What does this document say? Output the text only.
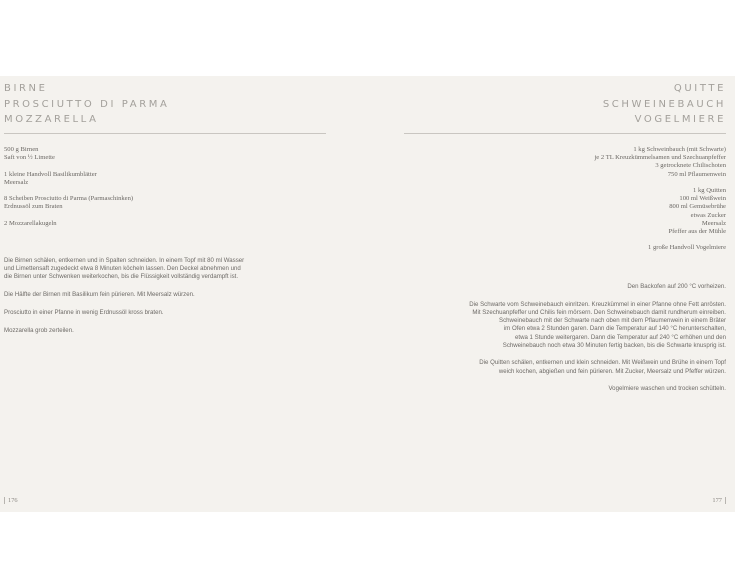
BIRNE
PROSCIUTTO DI PARMA
MOZZARELLA
500 g Birnen
Saft von ½ Limette
1 kleine Handvoll Basilikumblätter
Meersalz
8 Scheiben Prosciutto di Parma (Parmaschinken)
Erdnussöl zum Braten
2 Mozzarellakugeln
Die Birnen schälen, entkernen und in Spalten schneiden. In einem Topf mit 80 ml Wasser
und Limettensaft zugedeckt etwa 8 Minuten köcheln lassen. Den Deckel abnehmen und
die Birnen unter Schwenken weiterkochen, bis die Flüssigkeit vollständig verdampft ist.
Die Hälfte der Birnen mit Basilikum fein pürieren. Mit Meersalz würzen.
Prosciutto in einer Pfanne in wenig Erdnussöl kross braten.
Mozzarella grob zerteilen.
176
QUITTE
SCHWEINEBAUCH
VOGELMIERE
1 kg Schweinbauch (mit Schwarte)
je 2 TL Kreuzkümmelsamen und Szechuanpfeffer
3 getrocknete Chilischoten
750 ml Pflaumenwein
1 kg Quitten
100 ml Weißwein
800 ml Gemüsebrühe
etwas Zucker
Meersalz
Pfeffer aus der Mühle
1 große Handvoll Vogelmiere
Den Backofen auf 200 °C vorheizen.
Die Schwarte vom Schweinebauch einritzen. Kreuzkümmel in einer Pfanne ohne Fett anrösten.
Mit Szechuanpfeffer und Chilis fein mörsern. Den Schweinebauch damit rundherum einreiben.
Schweinebauch mit der Schwarte nach oben mit dem Pflaumenwein in einem Bräter
im Ofen etwa 2 Stunden garen. Dann die Temperatur auf 140 °C herunterschalten,
etwa 1 Stunde weitergaren. Dann die Temperatur auf 240 °C erhöhen und den
Schweinebauch noch etwa 30 Minuten fertig backen, bis die Schwarte knusprig ist.
Die Quitten schälen, entkernen und klein schneiden. Mit Weißwein und Brühe in einem Topf
weich kochen, abgießen und fein pürieren. Mit Zucker, Meersalz und Pfeffer würzen.
Vogelmiere waschen und trocken schütteln.
177
